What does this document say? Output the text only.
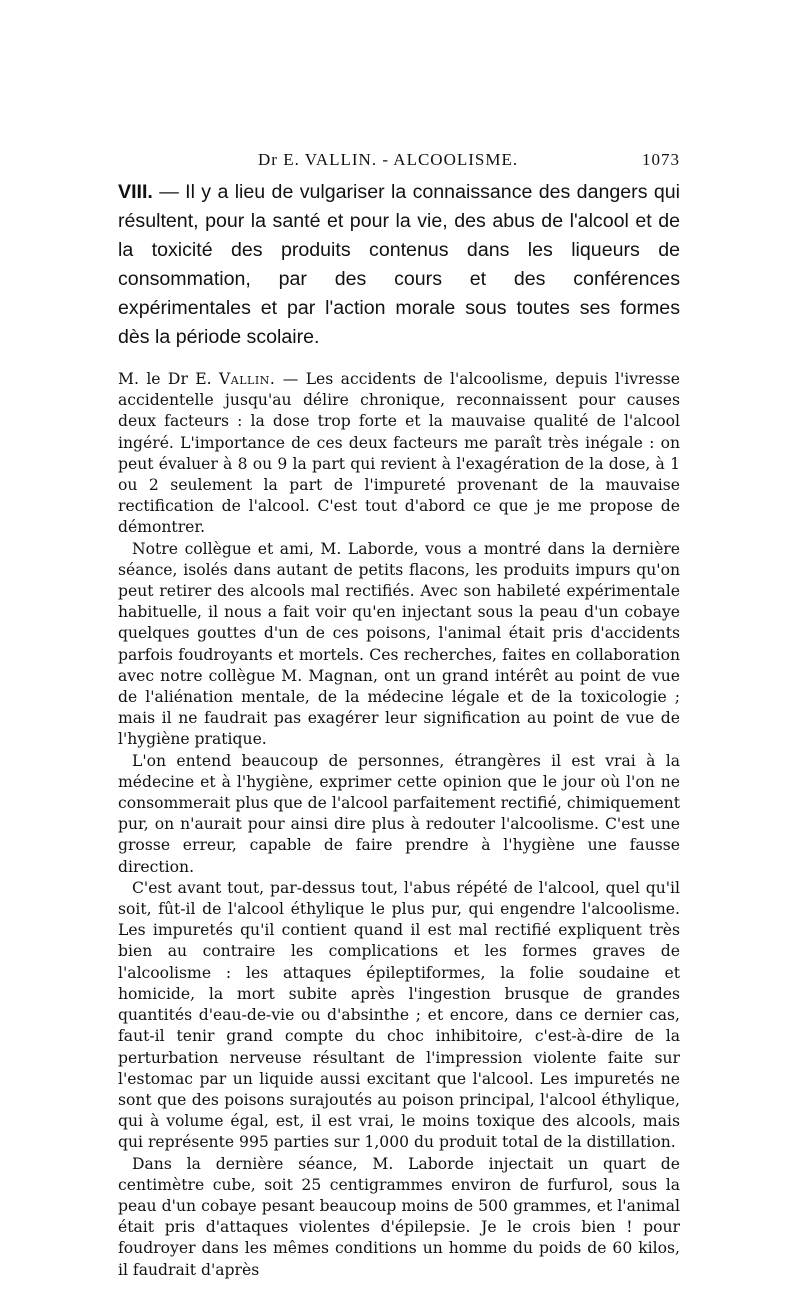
Dr E. VALLIN. - ALCOOLISME.	1073

VIII. — Il y a lieu de vulgariser la connaissance des dangers qui résultent, pour la santé et pour la vie, des abus de l'alcool et de la toxicité des produits contenus dans les liqueurs de consommation, par des cours et des conférences expérimentales et par l'action morale sous toutes ses formes dès la période scolaire.

M. le Dr E. Vallin. — Les accidents de l'alcoolisme, depuis l'ivresse accidentelle jusqu'au délire chronique, reconnaissent pour causes deux facteurs : la dose trop forte et la mauvaise qualité de l'alcool ingéré. L'importance de ces deux facteurs me paraît très inégale : on peut évaluer à 8 ou 9 la part qui revient à l'exagération de la dose, à 1 ou 2 seulement la part de l'impureté provenant de la mauvaise rectification de l'alcool. C'est tout d'abord ce que je me propose de démontrer.

Notre collègue et ami, M. Laborde, vous a montré dans la dernière séance, isolés dans autant de petits flacons, les produits impurs qu'on peut retirer des alcools mal rectifiés. Avec son habileté expérimentale habituelle, il nous a fait voir qu'en injectant sous la peau d'un cobaye quelques gouttes d'un de ces poisons, l'animal était pris d'accidents parfois foudroyants et mortels. Ces recherches, faites en collaboration avec notre collègue M. Magnan, ont un grand intérêt au point de vue de l'aliénation mentale, de la médecine légale et de la toxicologie ; mais il ne faudrait pas exagérer leur signification au point de vue de l'hygiène pratique.

L'on entend beaucoup de personnes, étrangères il est vrai à la médecine et à l'hygiène, exprimer cette opinion que le jour où l'on ne consommerait plus que de l'alcool parfaitement rectifié, chimiquement pur, on n'aurait pour ainsi dire plus à redouter l'alcoolisme. C'est une grosse erreur, capable de faire prendre à l'hygiène une fausse direction.

C'est avant tout, par-dessus tout, l'abus répété de l'alcool, quel qu'il soit, fût-il de l'alcool éthylique le plus pur, qui engendre l'alcoolisme. Les impuretés qu'il contient quand il est mal rectifié expliquent très bien au contraire les complications et les formes graves de l'alcoolisme : les attaques épileptiformes, la folie soudaine et homicide, la mort subite après l'ingestion brusque de grandes quantités d'eau-de-vie ou d'absinthe ; et encore, dans ce dernier cas, faut-il tenir grand compte du choc inhibitoire, c'est-à-dire de la perturbation nerveuse résultant de l'impression violente faite sur l'estomac par un liquide aussi excitant que l'alcool. Les impuretés ne sont que des poisons surajoutés au poison principal, l'alcool éthylique, qui à volume égal, est, il est vrai, le moins toxique des alcools, mais qui représente 995 parties sur 1,000 du produit total de la distillation.

Dans la dernière séance, M. Laborde injectait un quart de centimètre cube, soit 25 centigrammes environ de furfurol, sous la peau d'un cobaye pesant beaucoup moins de 500 grammes, et l'animal était pris d'attaques violentes d'épilepsie. Je le crois bien ! pour foudroyer dans les mêmes conditions un homme du poids de 60 kilos, il faudrait d'après
